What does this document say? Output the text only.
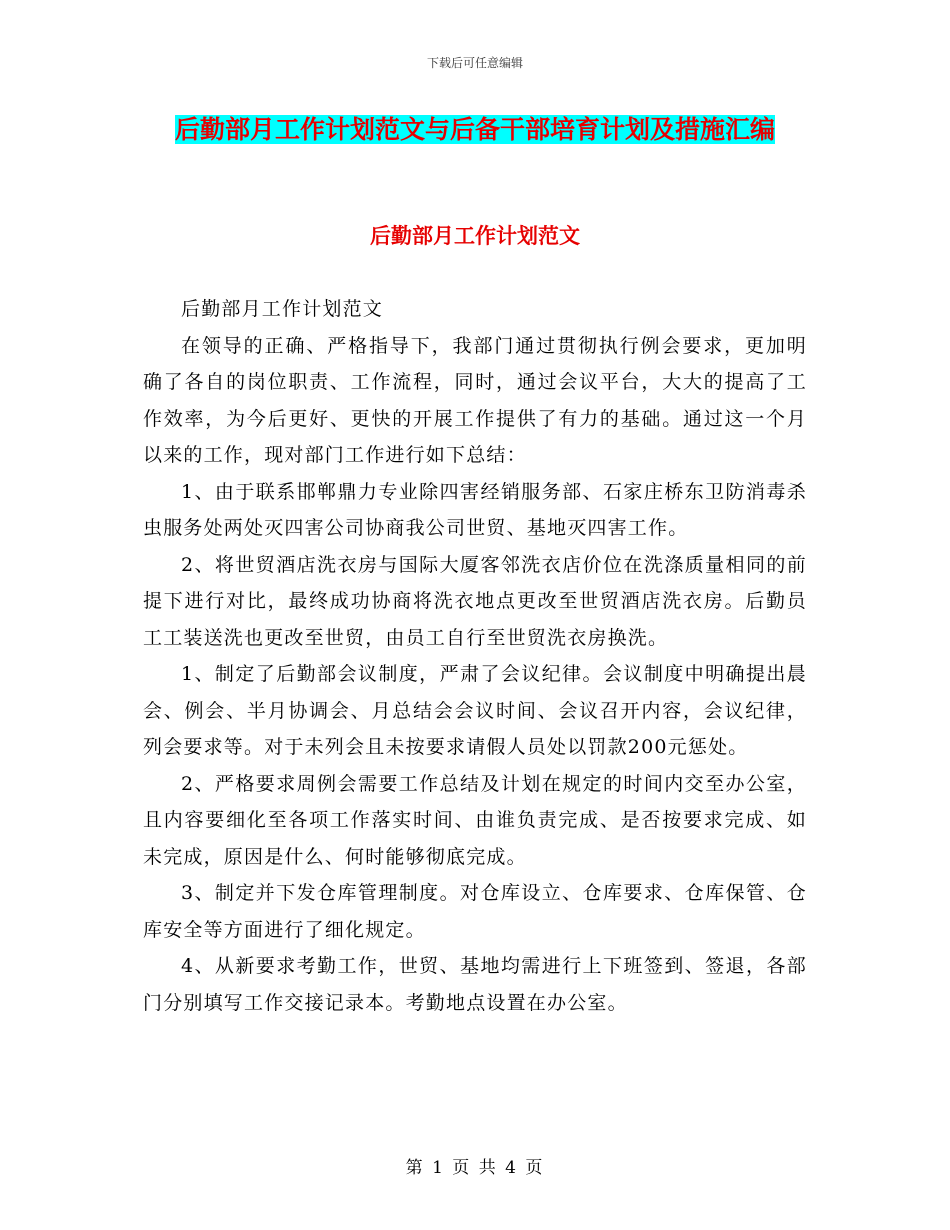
下载后可任意编辑
后勤部月工作计划范文与后备干部培育计划及措施汇编
后勤部月工作计划范文

后勤部月工作计划范文

在领导的正确、严格指导下，我部门通过贯彻执行例会要求，更加明确了各自的岗位职责、工作流程，同时，通过会议平台，大大的提高了工作效率，为今后更好、更快的开展工作提供了有力的基础。通过这一个月以来的工作，现对部门工作进行如下总结：

1、由于联系邯郸鼎力专业除四害经销服务部、石家庄桥东卫防消毒杀虫服务处两处灭四害公司协商我公司世贸、基地灭四害工作。

2、将世贸酒店洗衣房与国际大厦客邻洗衣店价位在洗涤质量相同的前提下进行对比，最终成功协商将洗衣地点更改至世贸酒店洗衣房。后勤员工工装送洗也更改至世贸，由员工自行至世贸洗衣房换洗。

1、制定了后勤部会议制度，严肃了会议纪律。会议制度中明确提出晨会、例会、半月协调会、月总结会会议时间、会议召开内容，会议纪律，列会要求等。对于未列会且未按要求请假人员处以罚款200元惩处。

2、严格要求周例会需要工作总结及计划在规定的时间内交至办公室，且内容要细化至各项工作落实时间、由谁负责完成、是否按要求完成、如未完成，原因是什么、何时能够彻底完成。

3、制定并下发仓库管理制度。对仓库设立、仓库要求、仓库保管、仓库安全等方面进行了细化规定。

4、从新要求考勤工作，世贸、基地均需进行上下班签到、签退，各部门分别填写工作交接记录本。考勤地点设置在办公室。

第 1 页 共 4 页
